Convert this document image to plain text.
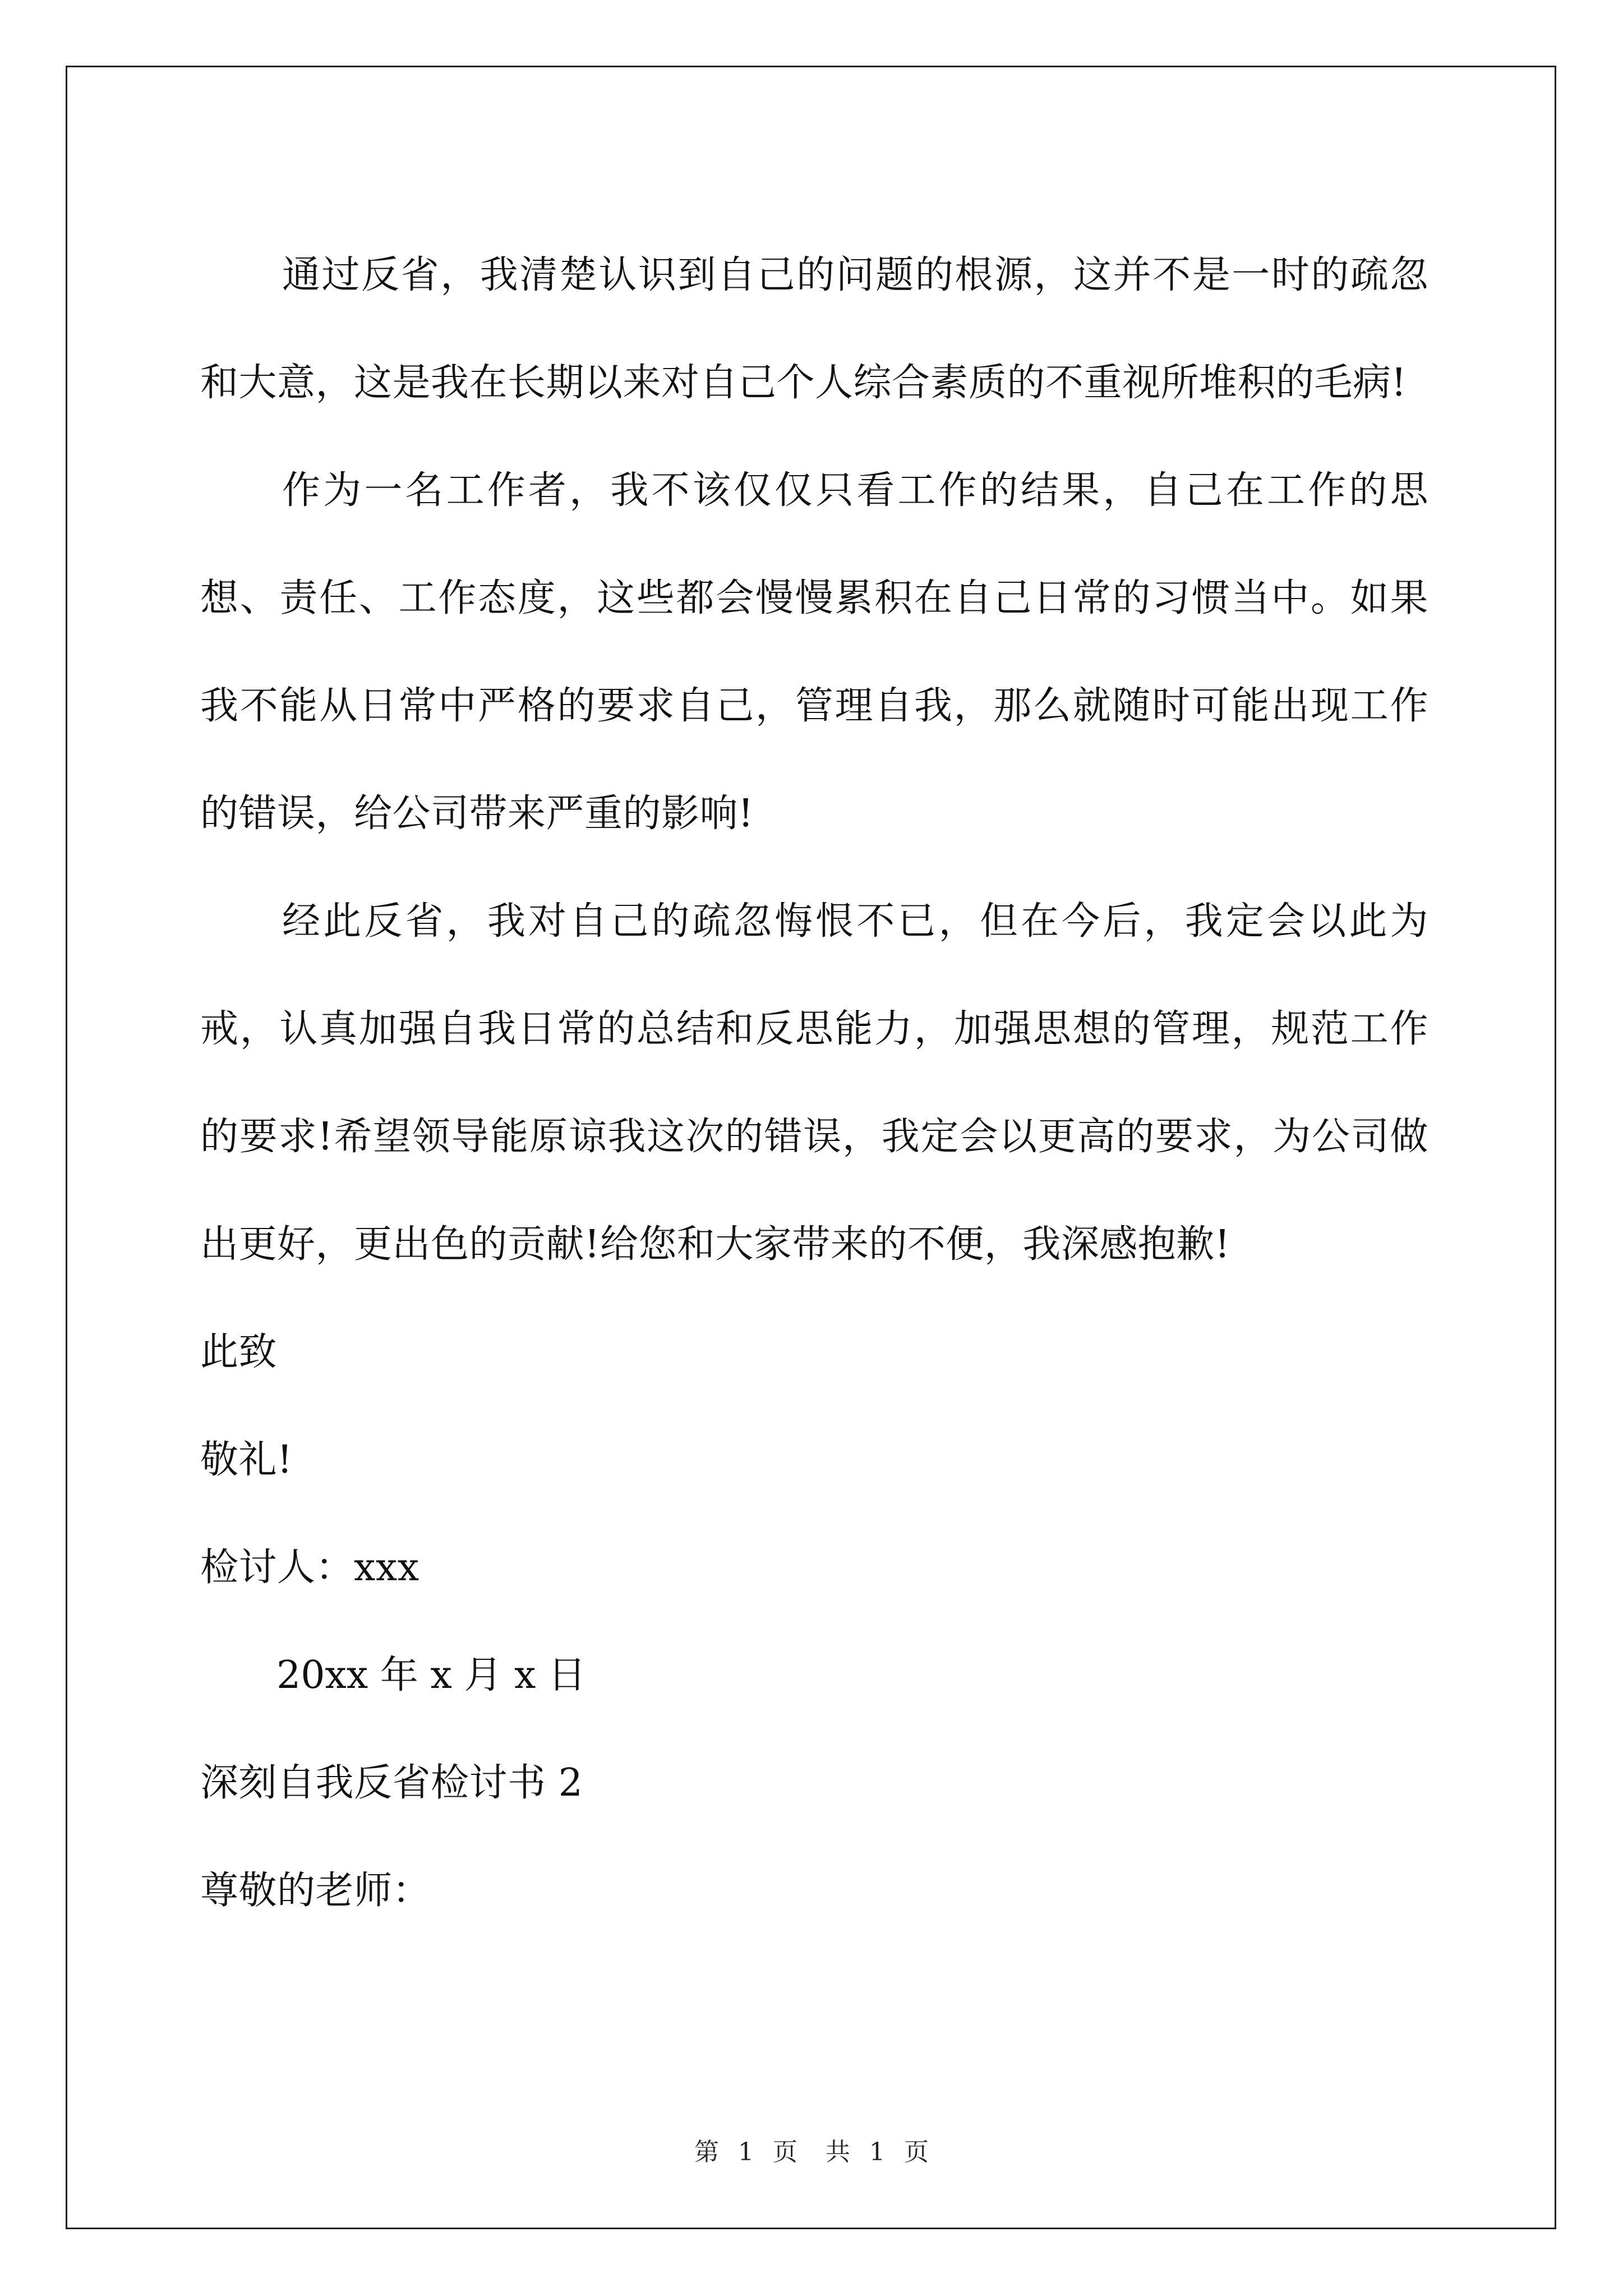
通过反省，我清楚认识到自己的问题的根源，这并不是一时的疏忽和大意，这是我在长期以来对自己个人综合素质的不重视所堆积的毛病!

作为一名工作者，我不该仅仅只看工作的结果，自己在工作的思想、责任、工作态度，这些都会慢慢累积在自己日常的习惯当中。如果我不能从日常中严格的要求自己，管理自我，那么就随时可能出现工作的错误，给公司带来严重的影响!

经此反省，我对自己的疏忽悔恨不已，但在今后，我定会以此为戒，认真加强自我日常的总结和反思能力，加强思想的管理，规范工作的要求!希望领导能原谅我这次的错误，我定会以更高的要求，为公司做出更好，更出色的贡献!给您和大家带来的不便，我深感抱歉!

此致

敬礼!

检讨人：xxx

20xx 年 x 月 x 日

深刻自我反省检讨书 2

尊敬的老师：

第 1 页 共 1 页
